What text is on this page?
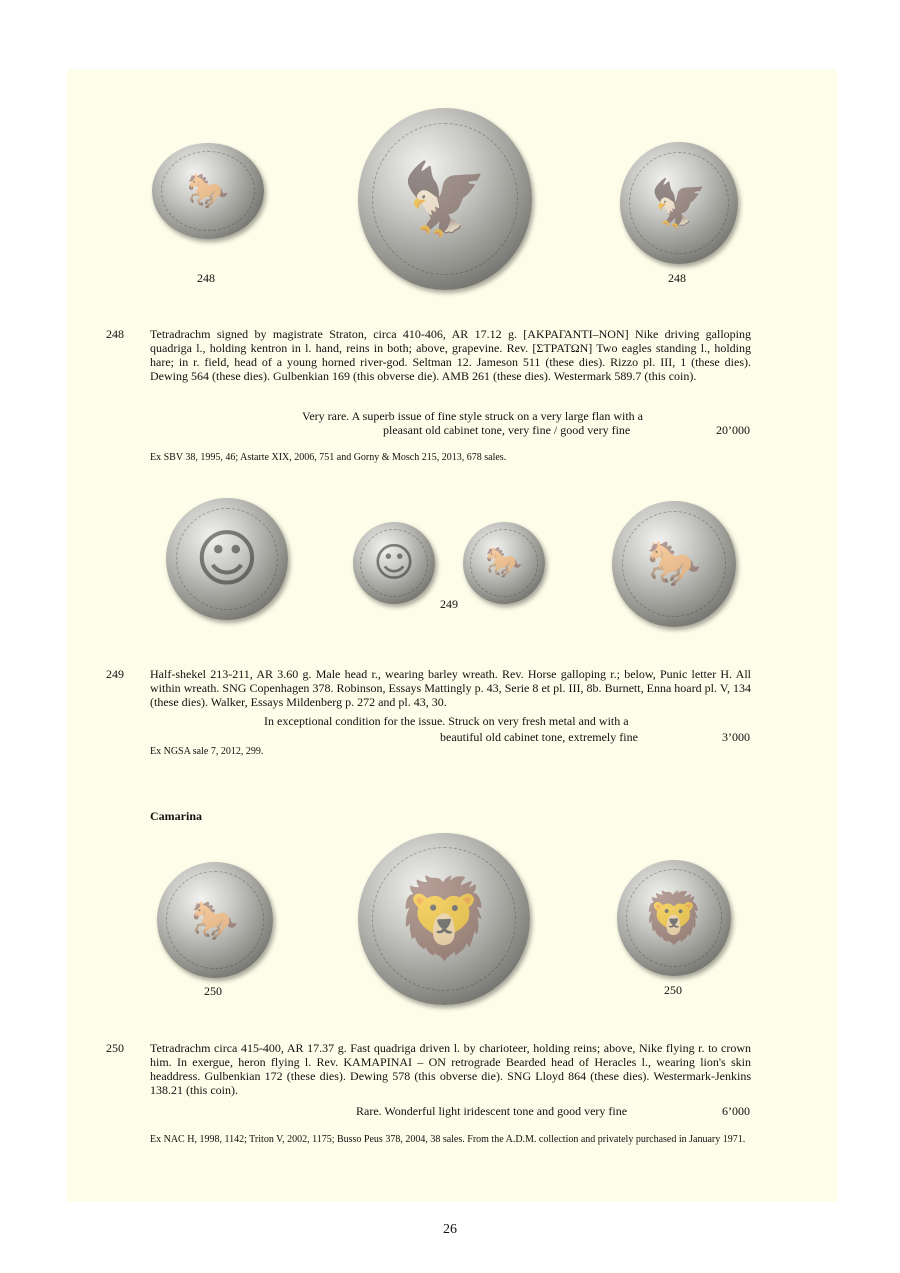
🐎 🦅	🦅
248	248
248 Tetradrachm signed by magistrate Straton, circa 410-406, AR 17.12 g. [ΑΚΡΑΓΑΝΤΙ–ΝΟΝ] Nike driving galloping quadriga l., holding kentron in l. hand, reins in both; above, grapevine. Rev. [ΣΤΡΑΤΩΝ] Two eagles standing l., holding hare; in r. field, head of a young horned river-god. Seltman 12. Jameson 511 (these dies). Rizzo pl. III, 1 (these dies). Dewing 564 (these dies). Gulbenkian 169 (this obverse die). AMB 261 (these dies). Westermark 589.7 (this coin).

Very rare. A superb issue of fine style struck on a very large flan with a
pleasant old cabinet tone, very fine / good very fine	20’000
Ex SBV 38, 1995, 46; Astarte XIX, 2006, 751 and Gorny & Mosch 215, 2013, 678 sales.
☺	☺ 🐎	🐎
249
249 Half-shekel 213-211, AR 3.60 g. Male head r., wearing barley wreath. Rev. Horse galloping r.; below, Punic letter H. All within wreath. SNG Copenhagen 378. Robinson, Essays Mattingly p. 43, Serie 8 et pl. III, 8b. Burnett, Enna hoard pl. V, 134 (these dies). Walker, Essays Mildenberg p. 272 and pl. 43, 30.

In exceptional condition for the issue. Struck on very fresh metal and with a
beautiful old cabinet tone, extremely fine	3’000
Ex NGSA sale 7, 2012, 299.
Camarina
🐎 🦁	🦁
250	250
250 Tetradrachm circa 415-400, AR 17.37 g. Fast quadriga driven l. by charioteer, holding reins; above, Nike flying r. to crown him. In exergue, heron flying l. Rev. ΚΑΜΑΡΙΝΑΙ – ΟΝ retrograde Bearded head of Heracles l., wearing lion's skin headdress. Gulbenkian 172 (these dies). Dewing 578 (this obverse die). SNG Lloyd 864 (these dies). Westermark-Jenkins 138.21 (this coin).

Rare. Wonderful light iridescent tone and good very fine	6’000
Ex NAC H, 1998, 1142; Triton V, 2002, 1175; Busso Peus 378, 2004, 38 sales. From the A.D.M. collection and privately purchased in January 1971.
26
